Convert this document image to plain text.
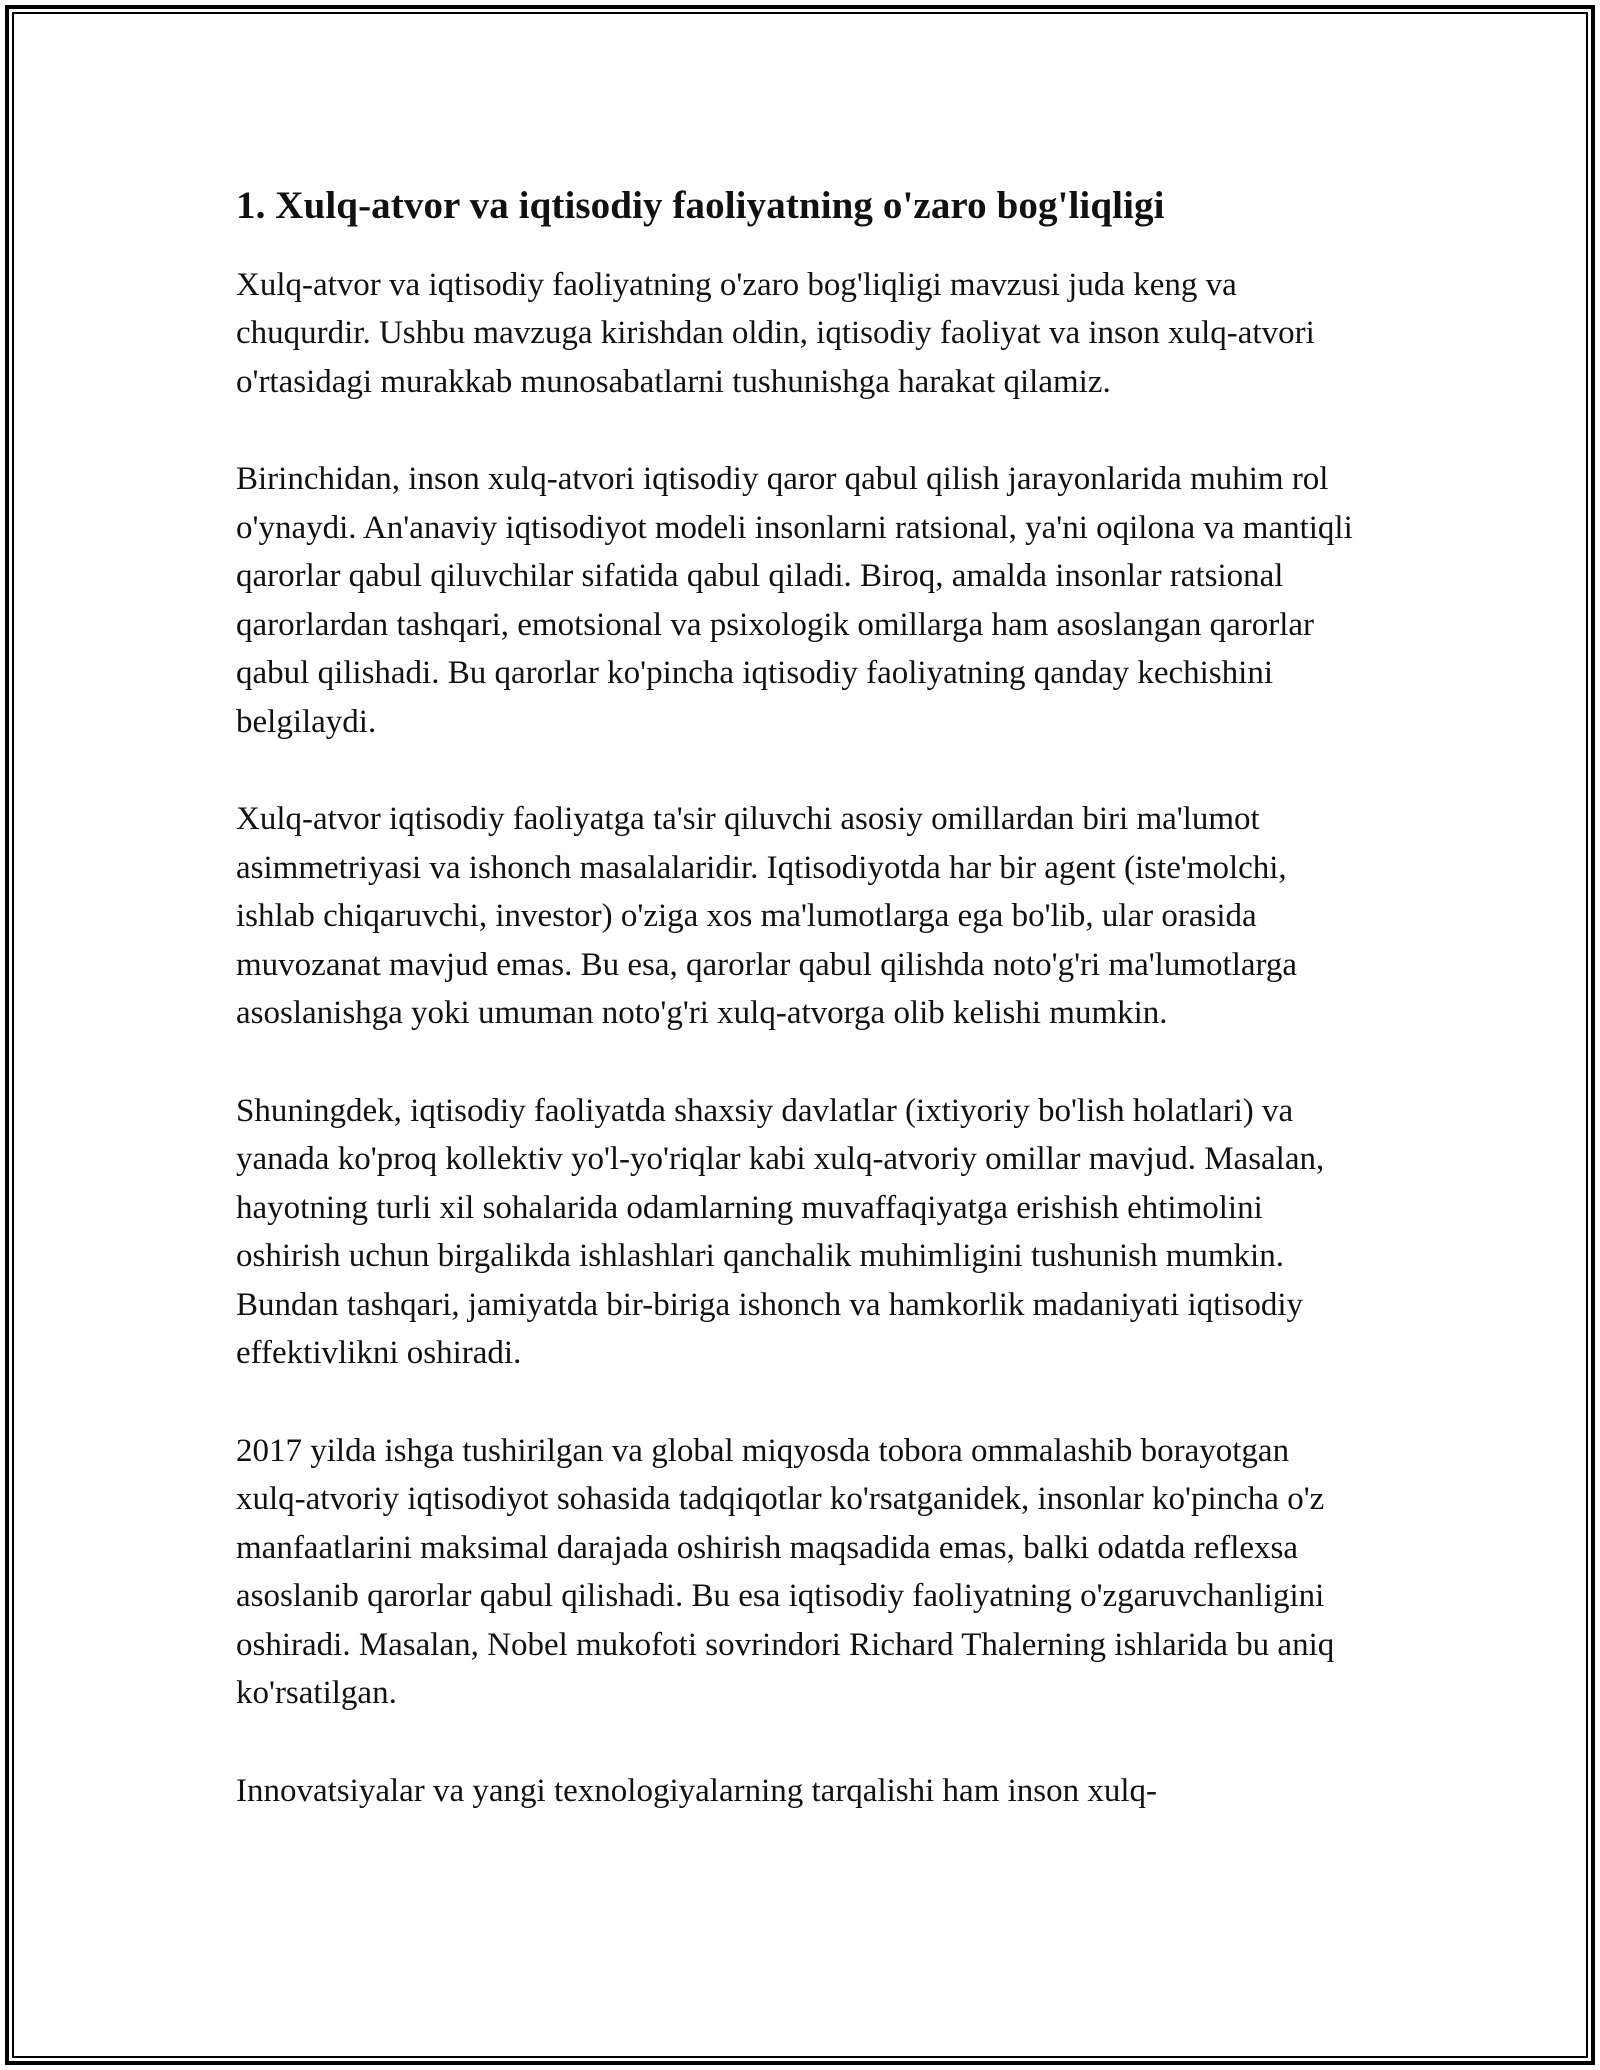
1. Xulq-atvor va iqtisodiy faoliyatning o'zaro bog'liqligi

Xulq-atvor va iqtisodiy faoliyatning o'zaro bog'liqligi mavzusi juda keng va chuqurdir. Ushbu mavzuga kirishdan oldin, iqtisodiy faoliyat va inson xulq-atvori o'rtasidagi murakkab munosabatlarni tushunishga harakat qilamiz.

Birinchidan, inson xulq-atvori iqtisodiy qaror qabul qilish jarayonlarida muhim rol o'ynaydi. An'anaviy iqtisodiyot modeli insonlarni ratsional, ya'ni oqilona va mantiqli qarorlar qabul qiluvchilar sifatida qabul qiladi. Biroq, amalda insonlar ratsional qarorlardan tashqari, emotsional va psixologik omillarga ham asoslangan qarorlar qabul qilishadi. Bu qarorlar ko'pincha iqtisodiy faoliyatning qanday kechishini belgilaydi.

Xulq-atvor iqtisodiy faoliyatga ta'sir qiluvchi asosiy omillardan biri ma'lumot asimmetriyasi va ishonch masalalaridir. Iqtisodiyotda har bir agent (iste'molchi, ishlab chiqaruvchi, investor) o'ziga xos ma'lumotlarga ega bo'lib, ular orasida muvozanat mavjud emas. Bu esa, qarorlar qabul qilishda noto'g'ri ma'lumotlarga asoslanishga yoki umuman noto'g'ri xulq-atvorga olib kelishi mumkin.

Shuningdek, iqtisodiy faoliyatda shaxsiy davlatlar (ixtiyoriy bo'lish holatlari) va yanada ko'proq kollektiv yo'l-yo'riqlar kabi xulq-atvoriy omillar mavjud. Masalan, hayotning turli xil sohalarida odamlarning muvaffaqiyatga erishish ehtimolini oshirish uchun birgalikda ishlashlari qanchalik muhimligini tushunish mumkin. Bundan tashqari, jamiyatda bir-biriga ishonch va hamkorlik madaniyati iqtisodiy effektivlikni oshiradi.

2017 yilda ishga tushirilgan va global miqyosda tobora ommalashib borayotgan xulq-atvoriy iqtisodiyot sohasida tadqiqotlar ko'rsatganidek, insonlar ko'pincha o'z manfaatlarini maksimal darajada oshirish maqsadida emas, balki odatda reflexsa asoslanib qarorlar qabul qilishadi. Bu esa iqtisodiy faoliyatning o'zgaruvchanligini oshiradi. Masalan, Nobel mukofoti sovrindori Richard Thalerning ishlarida bu aniq ko'rsatilgan.

Innovatsiyalar va yangi texnologiyalarning tarqalishi ham inson xulq-
